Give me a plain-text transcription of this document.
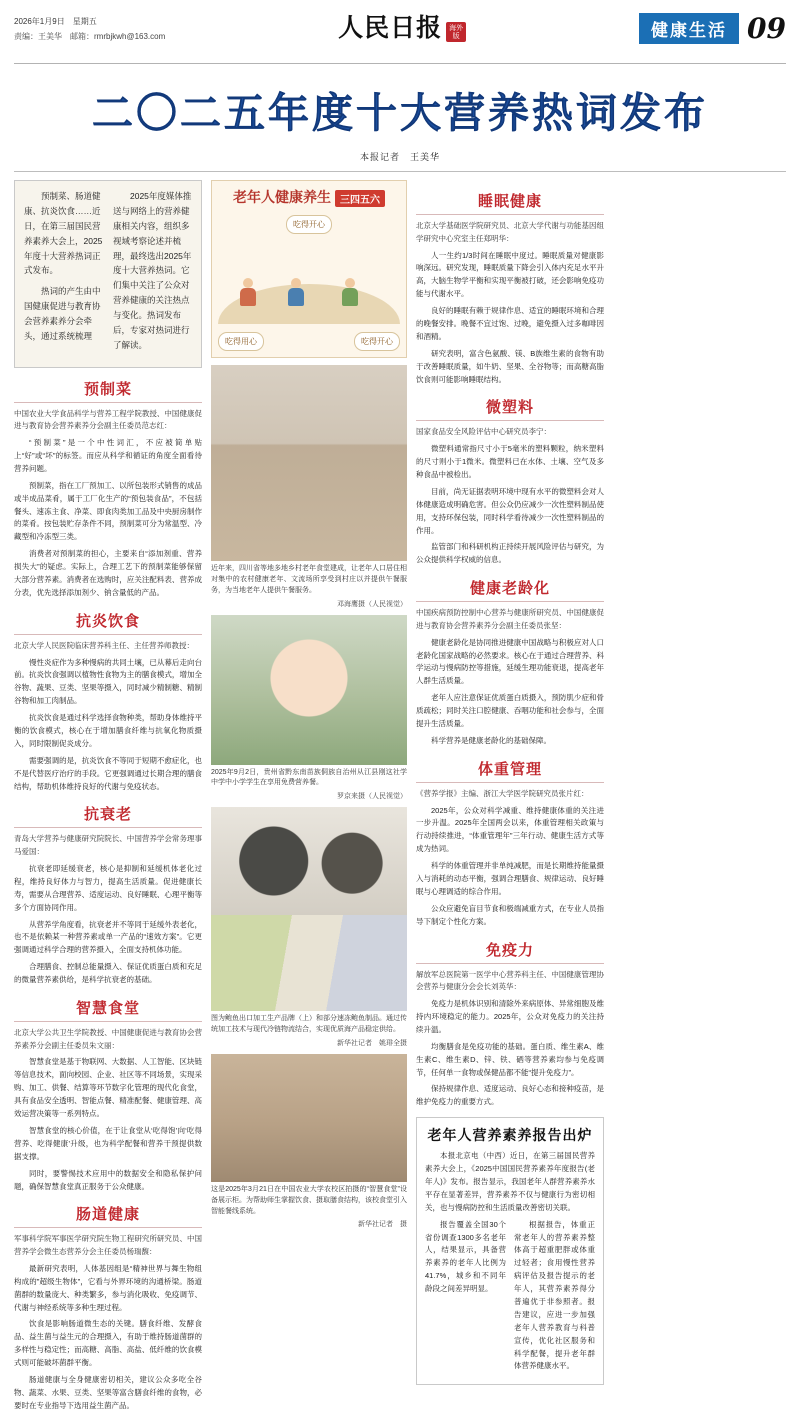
2026年1月9日　星期五
责编：王美华　邮箱：rmrbjkwh@163.com	人民日报 海外版	健康生活 09
二〇二五年度十大营养热词发布
本报记者　王美华

预制菜、肠道健康、抗炎饮食……近日，在第三届国民营养素养大会上，2025年度十大营养热词正式发布。

热词的产生由中国健康促进与教育协会营养素养分会牵头，通过系统梳理

2025年度媒体推送与网络上的营养健康相关内容，组织多视域考察论述并梳理，最终选出2025年度十大营养热词。它们集中关注了公众对营养健康的关注热点与变化。热词发布后，专家对热词进行了解读。

预制菜
中国农业大学食品科学与营养工程学院教授、中国健康促进与教育协会营养素养分会副主任委员范志红：

“预制菜”是一个中性词汇，不应被简单贴上“好”或“坏”的标签。而应从科学和循证的角度全面看待营养问题。

预制菜，指在工厂预加工、以所包装形式销售的成品或半成品菜肴，属于工厂化生产的“预包装食品”，不包括餐头、速冻主食、净菜、即食肉类加工品及中央厨房制作的菜肴。按包装贮存条件不同，预制菜可分为常温型、冷藏型和冷冻型三类。

消费者对预制菜的担心，主要来自“添加剂重、营养损失大”的疑虑。实际上，合理工艺下的预制菜能够保留大部分营养素。消费者在选购时，应关注配料表、营养成分表，优先选择添加剂少、钠含量低的产品。

抗炎饮食
北京大学人民医院临床营养科主任、主任营养师教授：

慢性炎症作为多种慢病的共同土壤，已从幕后走向台前。抗炎饮食强调以植物性食物为主的膳食模式，增加全谷物、蔬果、豆类、坚果等摄入，同时减少精制糖、精制谷物和加工肉制品。

抗炎饮食是通过科学选择食物种类，帮助身体维持平衡的饮食模式，核心在于增加膳食纤维与抗氧化物质摄入，同时限制促炎成分。

需要强调的是，抗炎饮食不等同于短期不愈症化，也不是代替医疗治疗的手段。它更强调通过长期合理的膳食结构，帮助机体维持良好的代谢与免疫状态。

抗衰老
青岛大学营养与健康研究院院长、中国营养学会常务理事马爱国：

抗衰老即延缓衰老，核心是抑制和延缓机体老化过程，维持良好体力与智力，提高生活质量。促进健康长寿，需要从合理营养、适度运动、良好睡眠、心理平衡等多个方面协同作用。

从营养学角度看，抗衰老并不等同于延缓外表老化，也不是依赖某一种营养素或单一产品的“速效方案”。它更强调通过科学合理的营养摄入，全面支持机体功能。

合理膳食、控制总能量摄入、保证优质蛋白质和充足的微量营养素供给，是科学抗衰老的基础。

智慧食堂
北京大学公共卫生学院教授、中国健康促进与教育协会营养素养分会副主任委员朱文丽：

智慧食堂是基于物联网、大数据、人工智能、区块链等信息技术，面向校园、企业、社区等不同场景，实现采购、加工、供餐、结算等环节数字化管理的现代化食堂，具有食品安全透明、智能点餐、精准配餐、健康管理、高效运营决策等一系列特点。

智慧食堂的核心价值，在于让食堂从‘吃得饱’向‘吃得营养、吃得健康’升级，也为科学配餐和营养干预提供数据支撑。

同时，要警惕技术应用中的数据安全和隐私保护问题，确保智慧食堂真正服务于公众健康。

肠道健康
军事科学院军事医学研究院生物工程研究所研究员、中国营养学会微生态营养分会主任委员杨瑞馥：

最新研究表明，人体基因组是“精神世界与舞生物组构成的”超级生物体”，它看与外界环境的沟通桥梁。肠道菌群的数量庞大、种类繁多，参与消化吸收、免疫调节、代谢与神经系统等多种生理过程。

饮食是影响肠道微生态的关键。膳食纤维、发酵食品、益生菌与益生元的合理摄入，有助于维持肠道菌群的多样性与稳定性；而高糖、高脂、高盐、低纤维的饮食模式则可能破坏菌群平衡。

肠道健康与全身健康密切相关，建议公众多吃全谷物、蔬菜、水果、豆类、坚果等富含膳食纤维的食物，必要时在专业指导下选用益生菌产品。

老年人健康养生 三四五六
吃得开心
吃得用心	吃得开心
近年来，四川省等地多地乡村老年食堂建成，让老年人口居住相对集中的农村健康老年、文流场所享受到村庄以并提供午餐服务，为当地老年人提供午餐服务。
邓海鹰摄（人民视觉）
2025年9月2日，贵州省黔东南苗族侗族自治州从江县刚这社学中学中小学学生在享用免费营养餐。
罗京来摄（人民视觉）
图为鲍鱼出口加工生产品牌（上）和部分速冻鲍鱼制品。通过传统加工技术与现代冷链物流结合，实现优质海产品稳定供给。
新华社记者　姚琲全摄
这是2025年3月21日在中国农业大学农校区拍摄的“智慧食堂”设备展示柜。为帮助师生掌握饮食、摄取膳食结构，该校食堂引入智能餐线系统。
新华社记者　摄
睡眠健康
北京大学基础医学院研究员、北京大学代谢与功能基因组学研究中心究室主任郑明华：

人一生约1/3时间在睡眠中度过。睡眠质量对健康影响深远。研究发现，睡眠质量下降会引入体内充足水平升高，大脑生物学平衡和实现平衡被打破，还会影响免疫功能与代谢水平。

良好的睡眠有赖于规律作息、适宜的睡眠环境和合理的晚餐安排。晚餐不宜过饱、过晚，避免摄入过多咖啡因和酒精。

研究表明，富含色氨酸、镁、B族维生素的食物有助于改善睡眠质量，如牛奶、坚果、全谷物等；而高糖高脂饮食则可能影响睡眠结构。

微塑料
国家食品安全风险评估中心研究员李宁：

微塑料通常指尺寸小于5毫米的塑料颗粒，纳米塑料的尺寸则小于1微米。微塑料已在水体、土壤、空气及多种食品中被检出。

目前，尚无证据表明环境中现有水平的微塑料会对人体健康造成明确危害。但公众仍应减少一次性塑料制品使用，支持环保包装，同时科学看待减少一次性塑料制品的作用。

监管部门和科研机构正持续开展风险评估与研究，为公众提供科学权威的信息。

健康老龄化
中国疾病预防控制中心营养与健康所研究员、中国健康促进与教育协会营养素养分会副主任委员张坚：

健康老龄化是协同推进健康中国战略与积极应对人口老龄化国家战略的必然要求。核心在于通过合理营养、科学运动与慢病防控等措施，延缓生理功能衰退，提高老年人群生活质量。

老年人应注意保证优质蛋白质摄入，预防肌少症和骨质疏松；同时关注口腔健康、吞咽功能和社会参与，全面提升生活质量。

科学营养是健康老龄化的基础保障。

体重管理
《营养学报》主编、浙江大学医学院研究员张片红：

2025年，公众对科学减重、维持健康体重的关注进一步升温。2025年全国两会以来，体重管理相关政策与行动持续推进，“体重管理年”三年行动、健康生活方式等成为热词。

科学的体重管理并非单纯减肥，而是长期维持能量摄入与消耗的动态平衡，强调合理膳食、规律运动、良好睡眠与心理调适的综合作用。

公众应避免盲目节食和极端减重方式，在专业人员指导下制定个性化方案。

免疫力
解放军总医院第一医学中心营养科主任、中国健康管理协会营养与健康分会会长刘英华：

免疫力是机体识别和清除外来病原体、异常细胞及维持内环境稳定的能力。2025年，公众对免疫力的关注持续升温。

均衡膳食是免疫功能的基础。蛋白质、维生素A、维生素C、维生素D、锌、铁、硒等营养素均参与免疫调节，任何单一食物或保健品都不能“提升免疫力”。

保持规律作息、适度运动、良好心态和接种疫苗，是维护免疫力的重要方式。

老年人营养素养报告出炉

本报北京电（中西）近日，在第三届国民营养素养大会上，《2025中国国民营养素养年度报告(老年人)》发布。报告显示，我国老年人群营养素养水平存在显著差异，营养素养不仅与健康行为密切相关，也与慢病防控和生活质量改善密切关联。

报告覆盖全国30个省份调查1300多名老年人，结果显示，具备营养素养的老年人比例为41.7%，城乡和不同年龄段之间差异明显。

根据报告，体重正常老年人的营养素养整体高于超重肥胖或体重过轻者；食用慢性营养病评估及报告提示的老年人，其营养素养得分普遍优于非参照者。报告建议，应进一步加强老年人营养教育与科普宣传，优化社区服务和科学配餐，提升老年群体营养健康水平。
